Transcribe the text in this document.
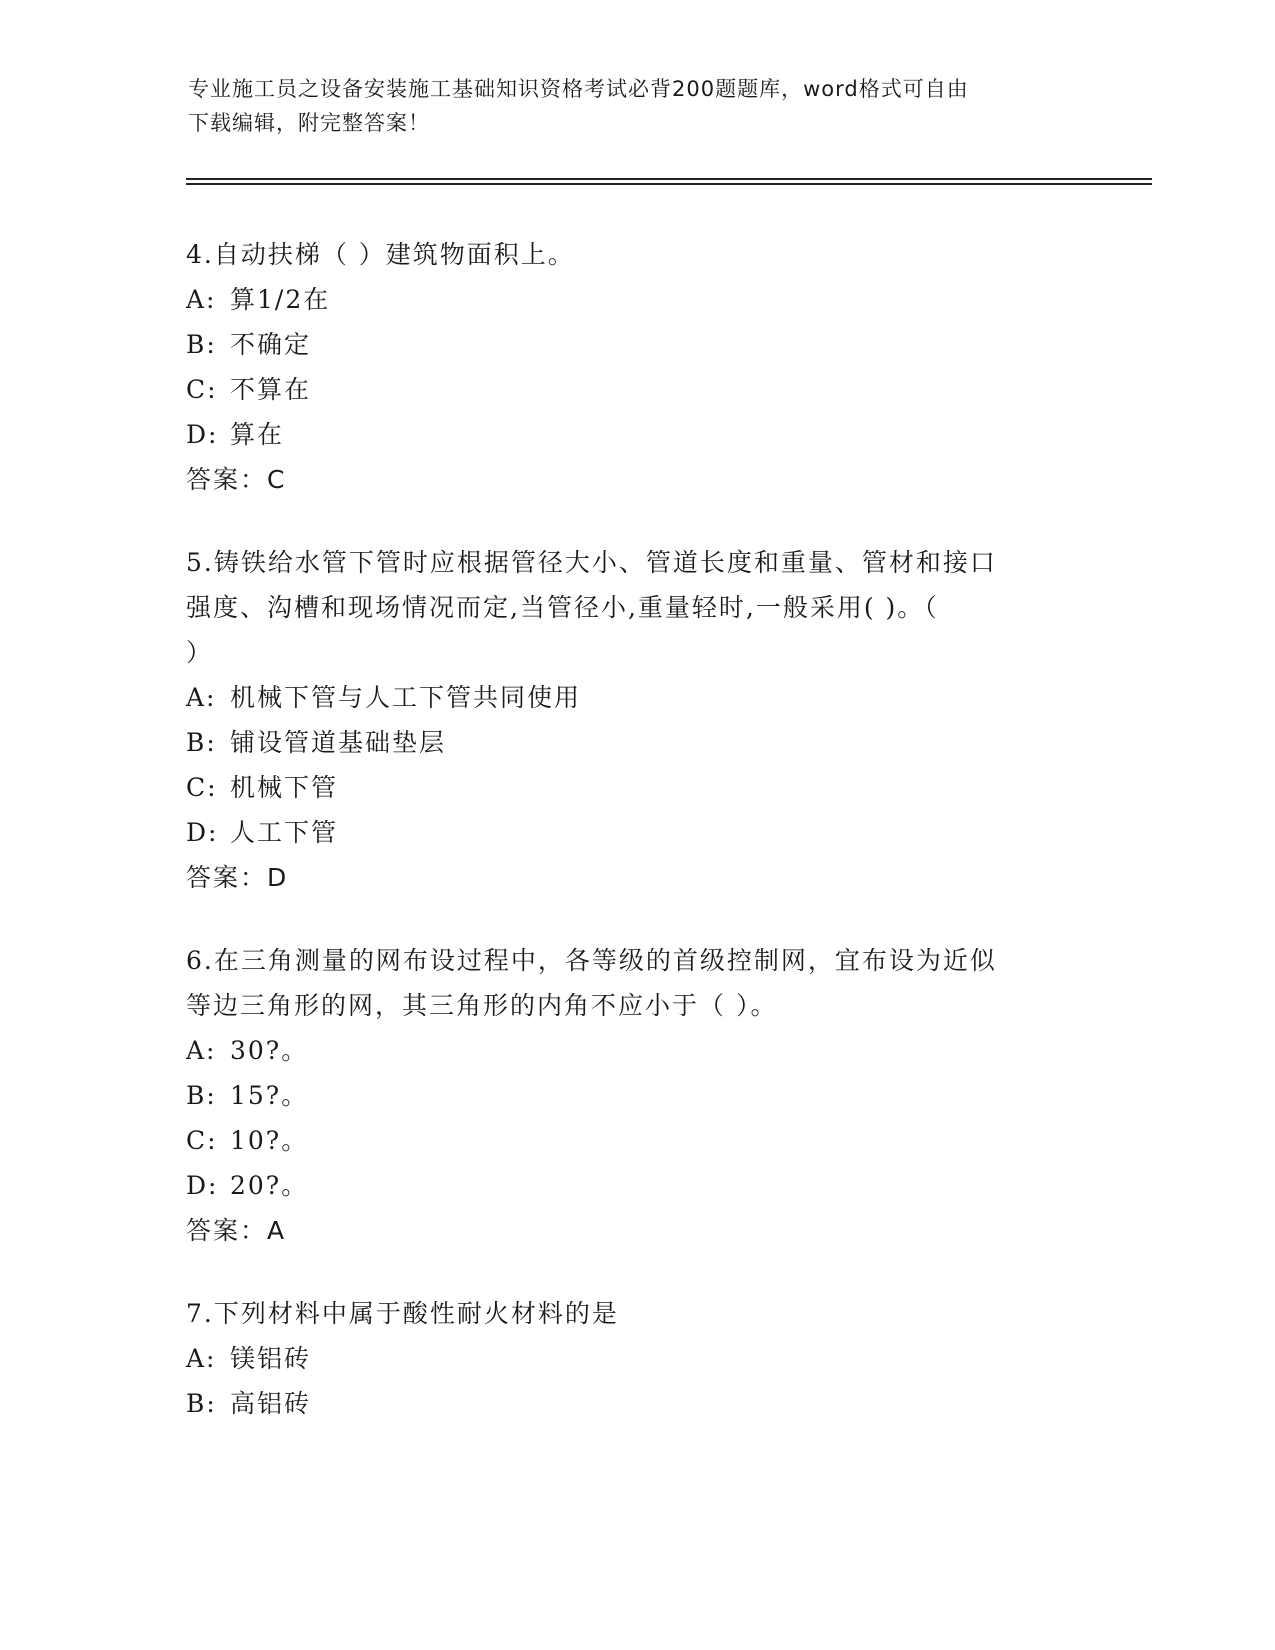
专业施工员之设备安装施工基础知识资格考试必背200题题库，word格式可自由
下载编辑，附完整答案！
4.自动扶梯（ ）建筑物面积上。
A: 算1/2在
B: 不确定
C: 不算在
D: 算在
答案：C
5.铸铁给水管下管时应根据管径大小、管道长度和重量、管材和接口
强度、沟槽和现场情况而定,当管径小,重量轻时,一般采用( )。（
）
A: 机械下管与人工下管共同使用
B: 铺设管道基础垫层
C: 机械下管
D: 人工下管
答案：D
6.在三角测量的网布设过程中，各等级的首级控制网，宜布设为近似
等边三角形的网，其三角形的内角不应小于（ ）。
A: 30?。
B: 15?。
C: 10?。
D: 20?。
答案：A
7.下列材料中属于酸性耐火材料的是
A: 镁铝砖
B: 高铝砖
